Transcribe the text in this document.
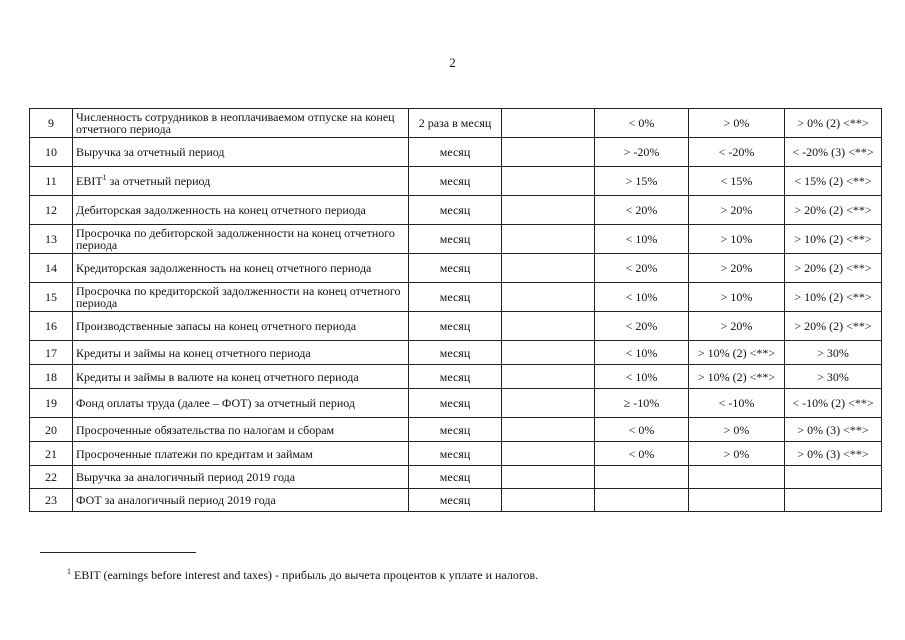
2
9	Численность сотрудников в неоплачиваемом отпуске на конец отчетного периода	2 раза в месяц		< 0%	> 0%	> 0% (2) <**>
10	Выручка за отчетный период	месяц		> -20%	< -20%	< -20% (3) <**>
11	EBIT$^1$ за отчетный период	месяц		> 15%	< 15%	< 15% (2) <**>
12	Дебиторская задолженность на конец отчетного периода	месяц		< 20%	> 20%	> 20% (2) <**>
13	Просрочка по дебиторской задолженности на конец отчетного периода	месяц		< 10%	> 10%	> 10% (2) <**>
14	Кредиторская задолженность на конец отчетного периода	месяц		< 20%	> 20%	> 20% (2) <**>
15	Просрочка по кредиторской задолженности на конец отчетного периода	месяц		< 10%	> 10%	> 10% (2) <**>
16	Производственные запасы на конец отчетного периода	месяц		< 20%	> 20%	> 20% (2) <**>
17	Кредиты и займы на конец отчетного периода	месяц		< 10%	> 10% (2) <**>	> 30%
18	Кредиты и займы в валюте на конец отчетного периода	месяц		< 10%	> 10% (2) <**>	> 30%
19	Фонд оплаты труда (далее – ФОТ) за отчетный период	месяц		≥ -10%	< -10%	< -10% (2) <**>
20	Просроченные обязательства по налогам и сборам	месяц		< 0%	> 0%	> 0% (3) <**>
21	Просроченные платежи по кредитам и займам	месяц		< 0%	> 0%	> 0% (3) <**>
22	Выручка за аналогичный период 2019 года	месяц				
23	ФОТ за аналогичный период 2019 года	месяц				
$^1$ EBIT (earnings before interest and taxes) - прибыль до вычета процентов к уплате и налогов.
